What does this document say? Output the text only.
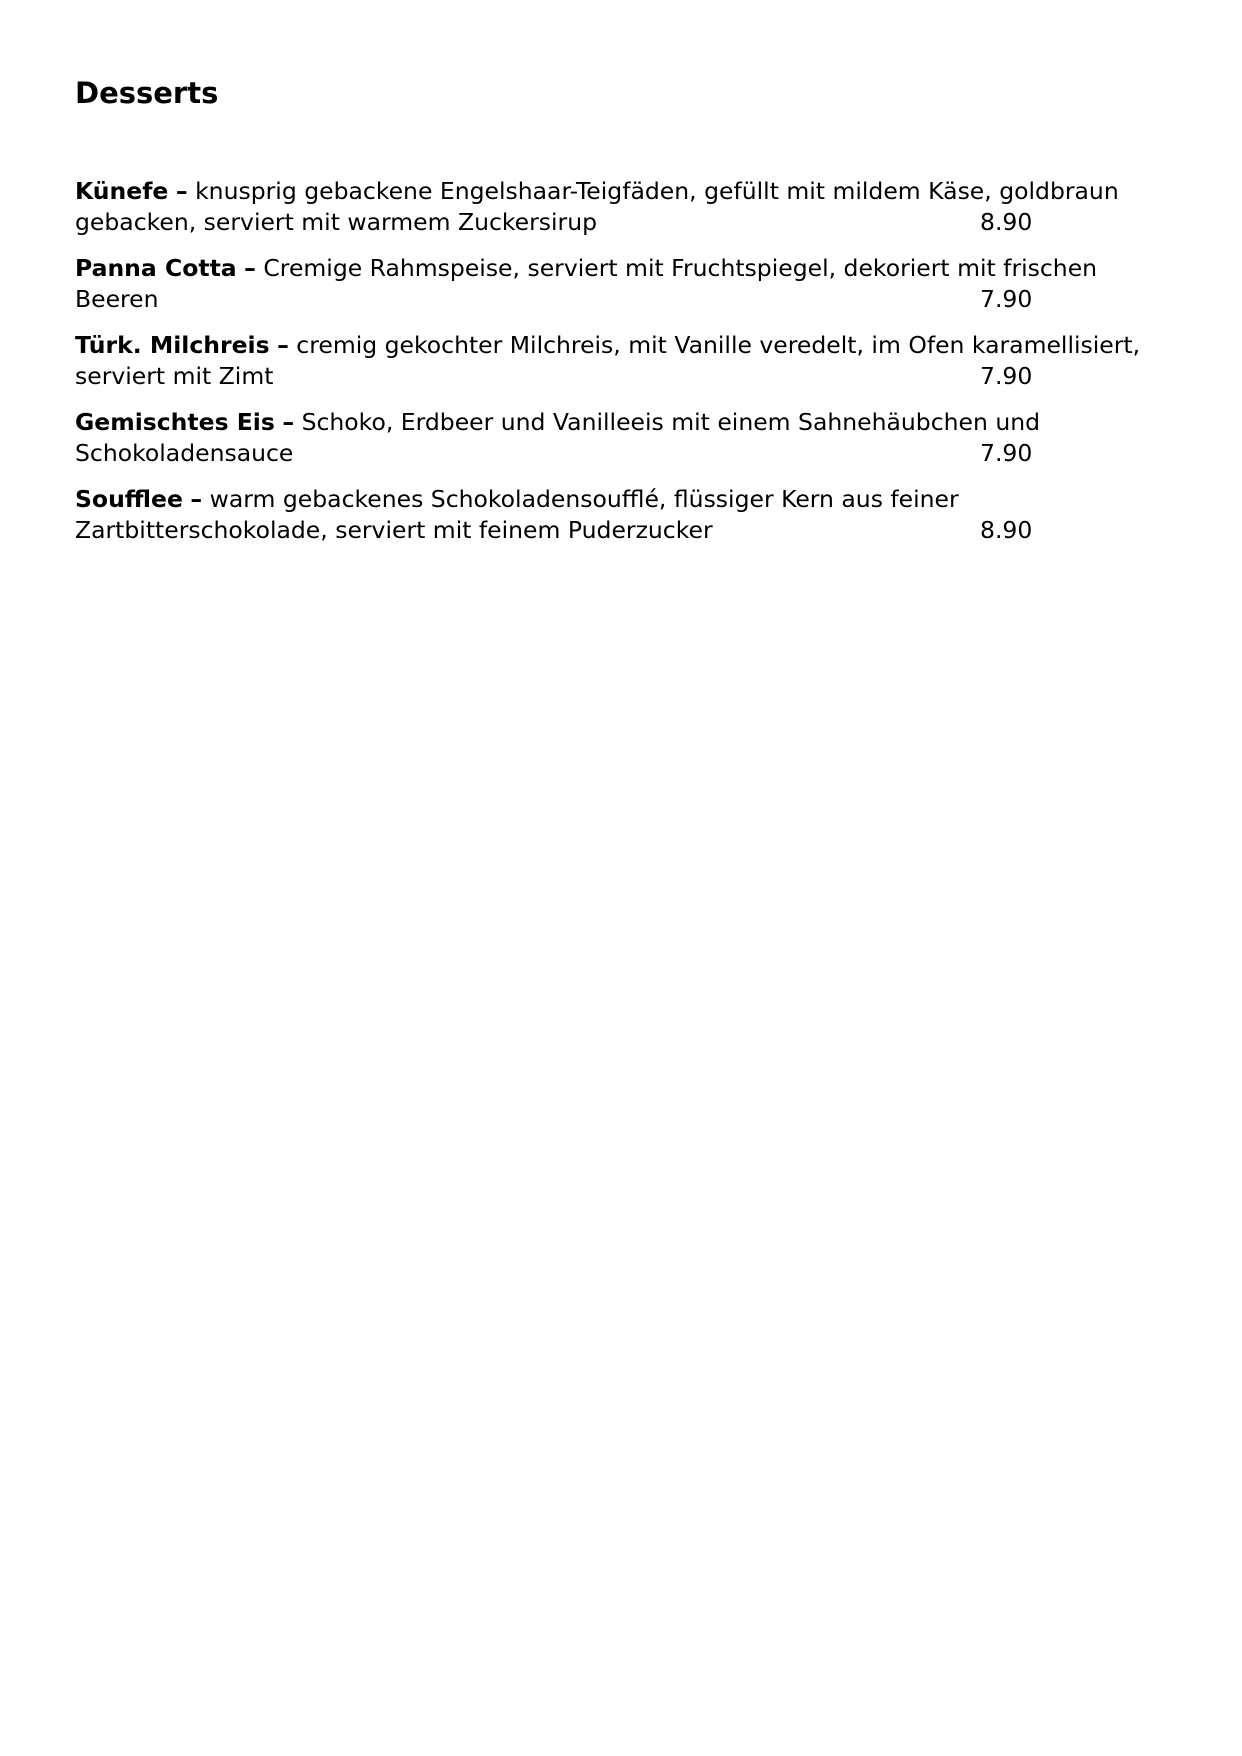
Desserts
Künefe – knusprig gebackene Engelshaar-Teigfäden, gefüllt mit mildem Käse, goldbraun
gebacken, serviert mit warmem Zuckersirup	8.90
Panna Cotta – Cremige Rahmspeise, serviert mit Fruchtspiegel, dekoriert mit frischen
Beeren	7.90
Türk. Milchreis – cremig gekochter Milchreis, mit Vanille veredelt, im Ofen karamellisiert,
serviert mit Zimt	7.90
Gemischtes Eis – Schoko, Erdbeer und Vanilleeis mit einem Sahnehäubchen und
Schokoladensauce	7.90
Soufflee – warm gebackenes Schokoladensoufflé, flüssiger Kern aus feiner
Zartbitterschokolade, serviert mit feinem Puderzucker	8.90
